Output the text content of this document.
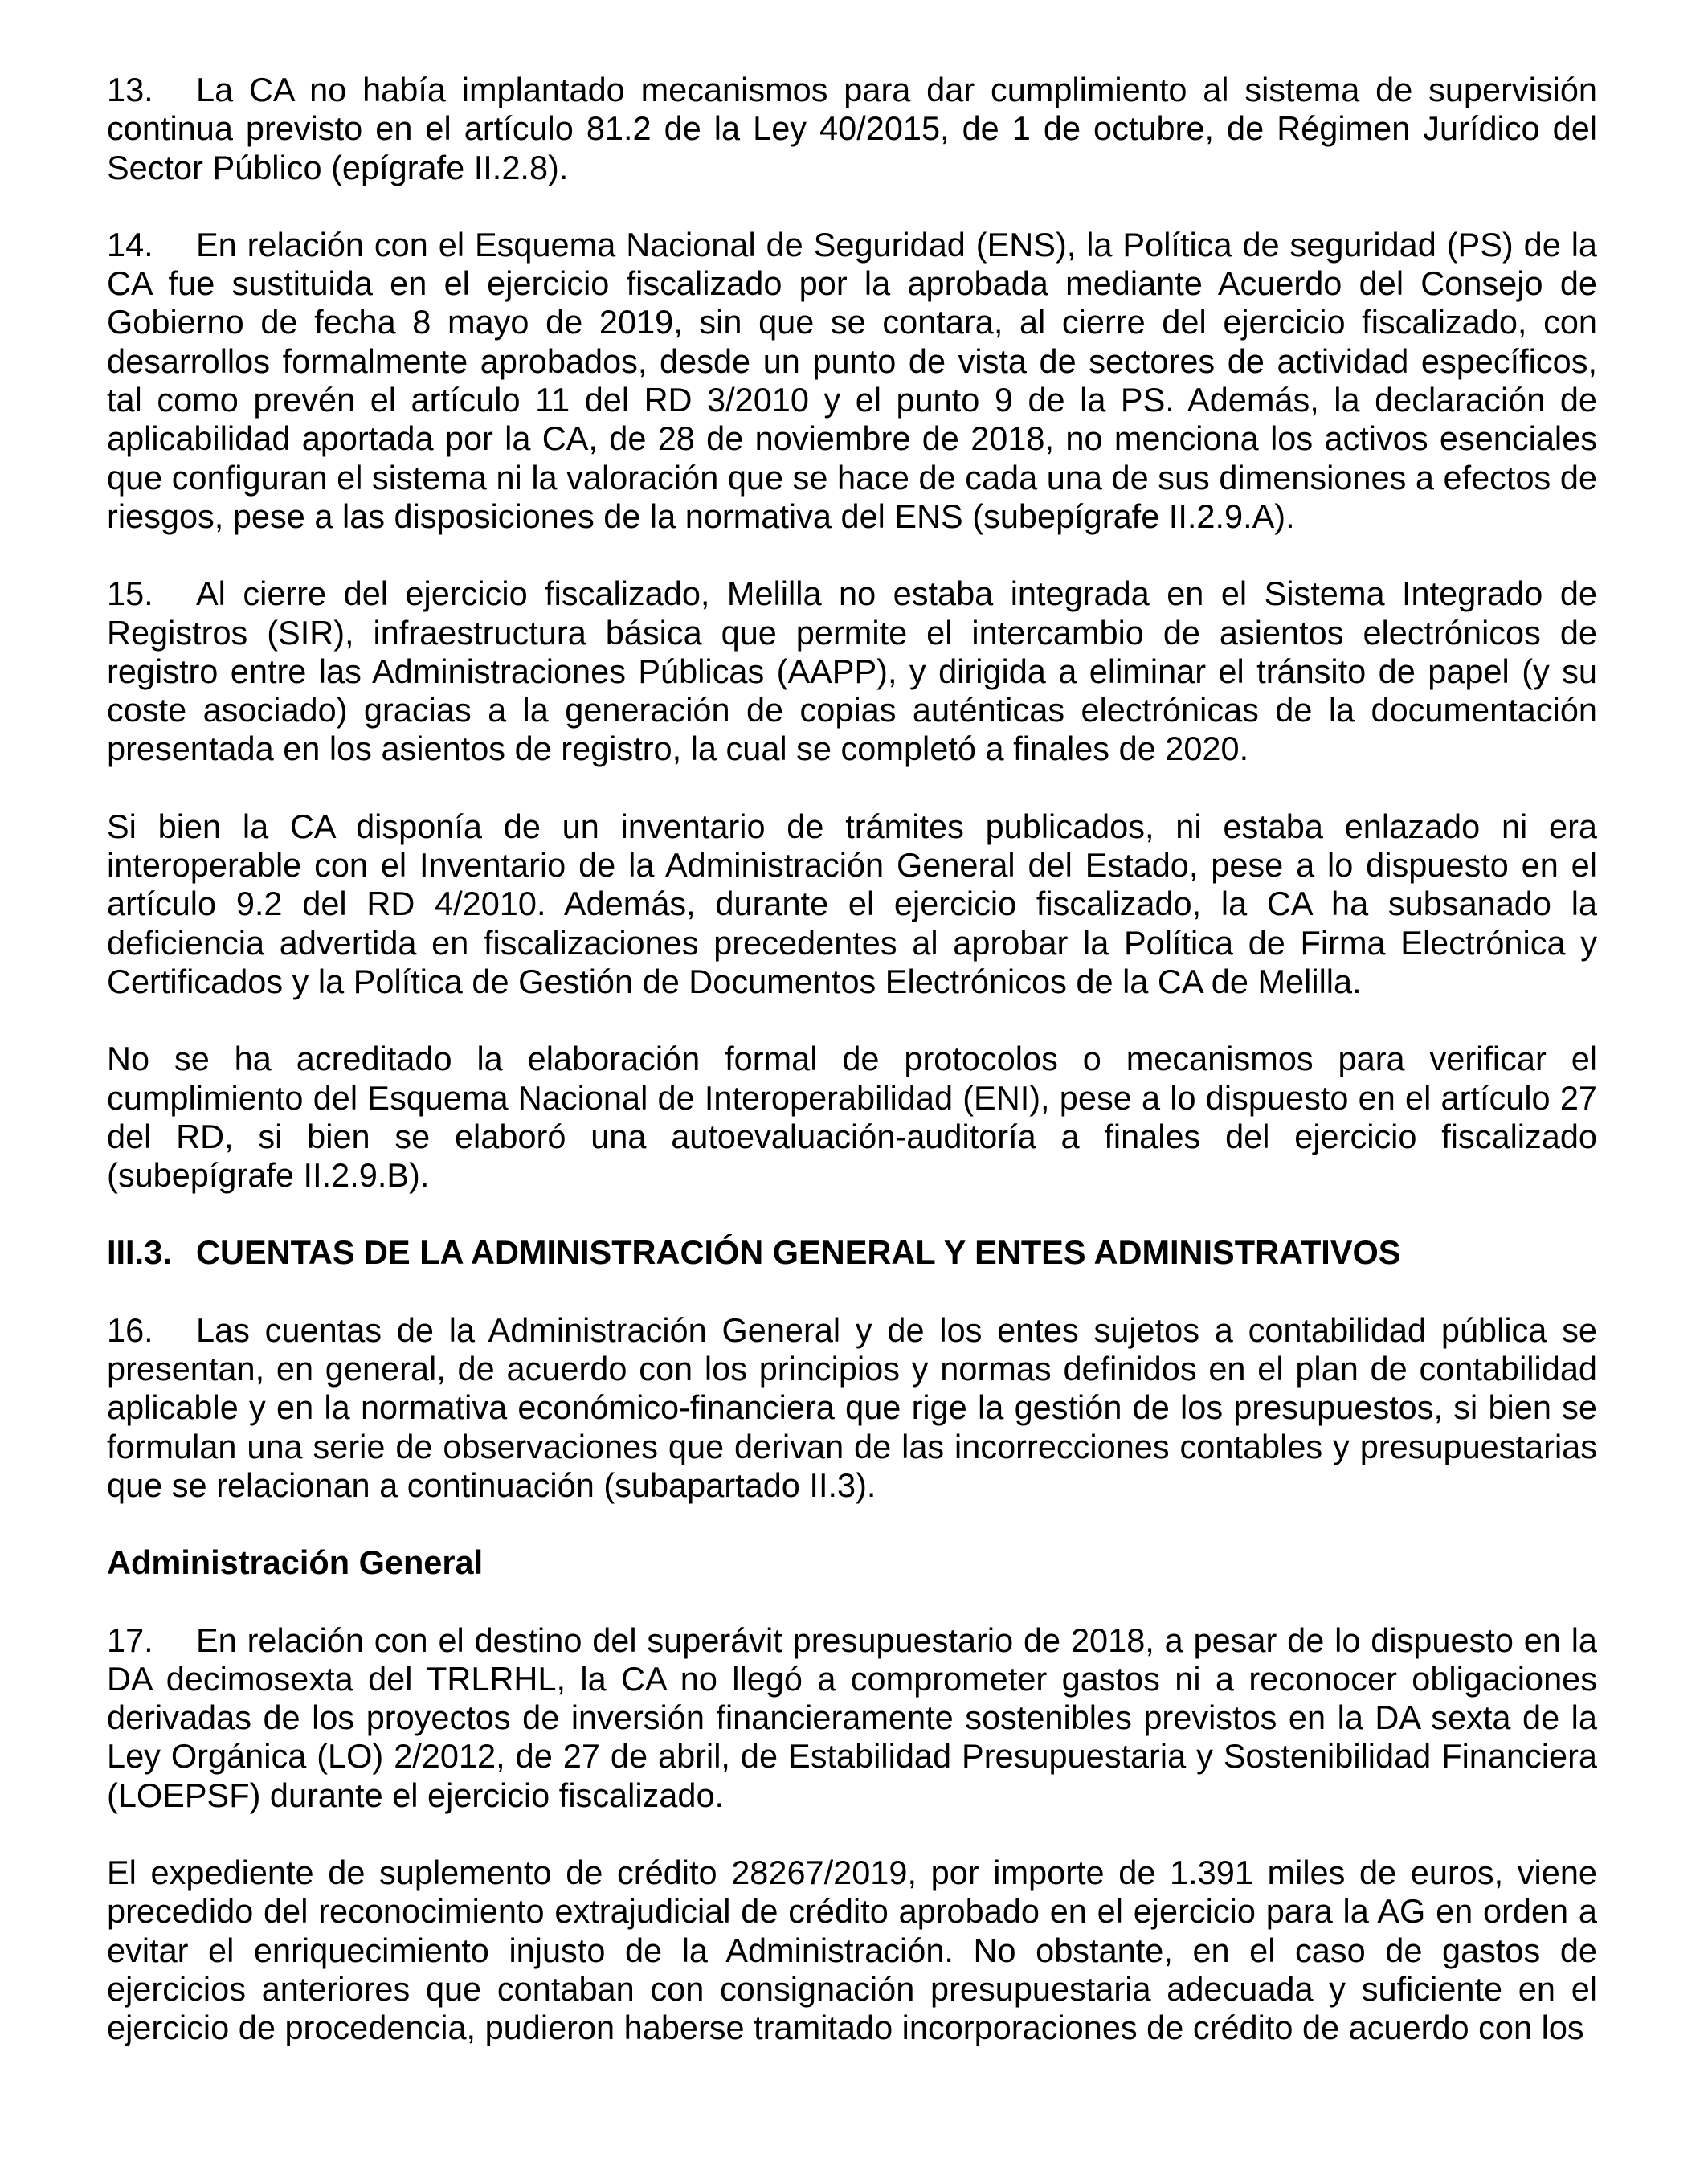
13. La CA no había implantado mecanismos para dar cumplimiento al sistema de supervisión continua previsto en el artículo 81.2 de la Ley 40/2015, de 1 de octubre, de Régimen Jurídico del Sector Público (epígrafe II.2.8).

14. En relación con el Esquema Nacional de Seguridad (ENS), la Política de seguridad (PS) de la CA fue sustituida en el ejercicio fiscalizado por la aprobada mediante Acuerdo del Consejo de Gobierno de fecha 8 mayo de 2019, sin que se contara, al cierre del ejercicio fiscalizado, con desarrollos formalmente aprobados, desde un punto de vista de sectores de actividad específicos, tal como prevén el artículo 11 del RD 3/2010 y el punto 9 de la PS. Además, la declaración de aplicabilidad aportada por la CA, de 28 de noviembre de 2018, no menciona los activos esenciales que configuran el sistema ni la valoración que se hace de cada una de sus dimensiones a efectos de riesgos, pese a las disposiciones de la normativa del ENS (subepígrafe II.2.9.A).

15. Al cierre del ejercicio fiscalizado, Melilla no estaba integrada en el Sistema Integrado de Registros (SIR), infraestructura básica que permite el intercambio de asientos electrónicos de registro entre las Administraciones Públicas (AAPP), y dirigida a eliminar el tránsito de papel (y su coste asociado) gracias a la generación de copias auténticas electrónicas de la documentación presentada en los asientos de registro, la cual se completó a finales de 2020.

Si bien la CA disponía de un inventario de trámites publicados, ni estaba enlazado ni era interoperable con el Inventario de la Administración General del Estado, pese a lo dispuesto en el artículo 9.2 del RD 4/2010. Además, durante el ejercicio fiscalizado, la CA ha subsanado la deficiencia advertida en fiscalizaciones precedentes al aprobar la Política de Firma Electrónica y Certificados y la Política de Gestión de Documentos Electrónicos de la CA de Melilla.

No se ha acreditado la elaboración formal de protocolos o mecanismos para verificar el cumplimiento del Esquema Nacional de Interoperabilidad (ENI), pese a lo dispuesto en el artículo 27 del RD, si bien se elaboró una autoevaluación-auditoría a finales del ejercicio fiscalizado (subepígrafe II.2.9.B).

III.3. CUENTAS DE LA ADMINISTRACIÓN GENERAL Y ENTES ADMINISTRATIVOS

16. Las cuentas de la Administración General y de los entes sujetos a contabilidad pública se presentan, en general, de acuerdo con los principios y normas definidos en el plan de contabilidad aplicable y en la normativa económico-financiera que rige la gestión de los presupuestos, si bien se formulan una serie de observaciones que derivan de las incorrecciones contables y presupuestarias que se relacionan a continuación (subapartado II.3).

Administración General

17. En relación con el destino del superávit presupuestario de 2018, a pesar de lo dispuesto en la DA decimosexta del TRLRHL, la CA no llegó a comprometer gastos ni a reconocer obligaciones derivadas de los proyectos de inversión financieramente sostenibles previstos en la DA sexta de la Ley Orgánica (LO) 2/2012, de 27 de abril, de Estabilidad Presupuestaria y Sostenibilidad Financiera (LOEPSF) durante el ejercicio fiscalizado.

El expediente de suplemento de crédito 28267/2019, por importe de 1.391 miles de euros, viene precedido del reconocimiento extrajudicial de crédito aprobado en el ejercicio para la AG en orden a evitar el enriquecimiento injusto de la Administración. No obstante, en el caso de gastos de ejercicios anteriores que contaban con consignación presupuestaria adecuada y suficiente en el ejercicio de procedencia, pudieron haberse tramitado incorporaciones de crédito de acuerdo con los
